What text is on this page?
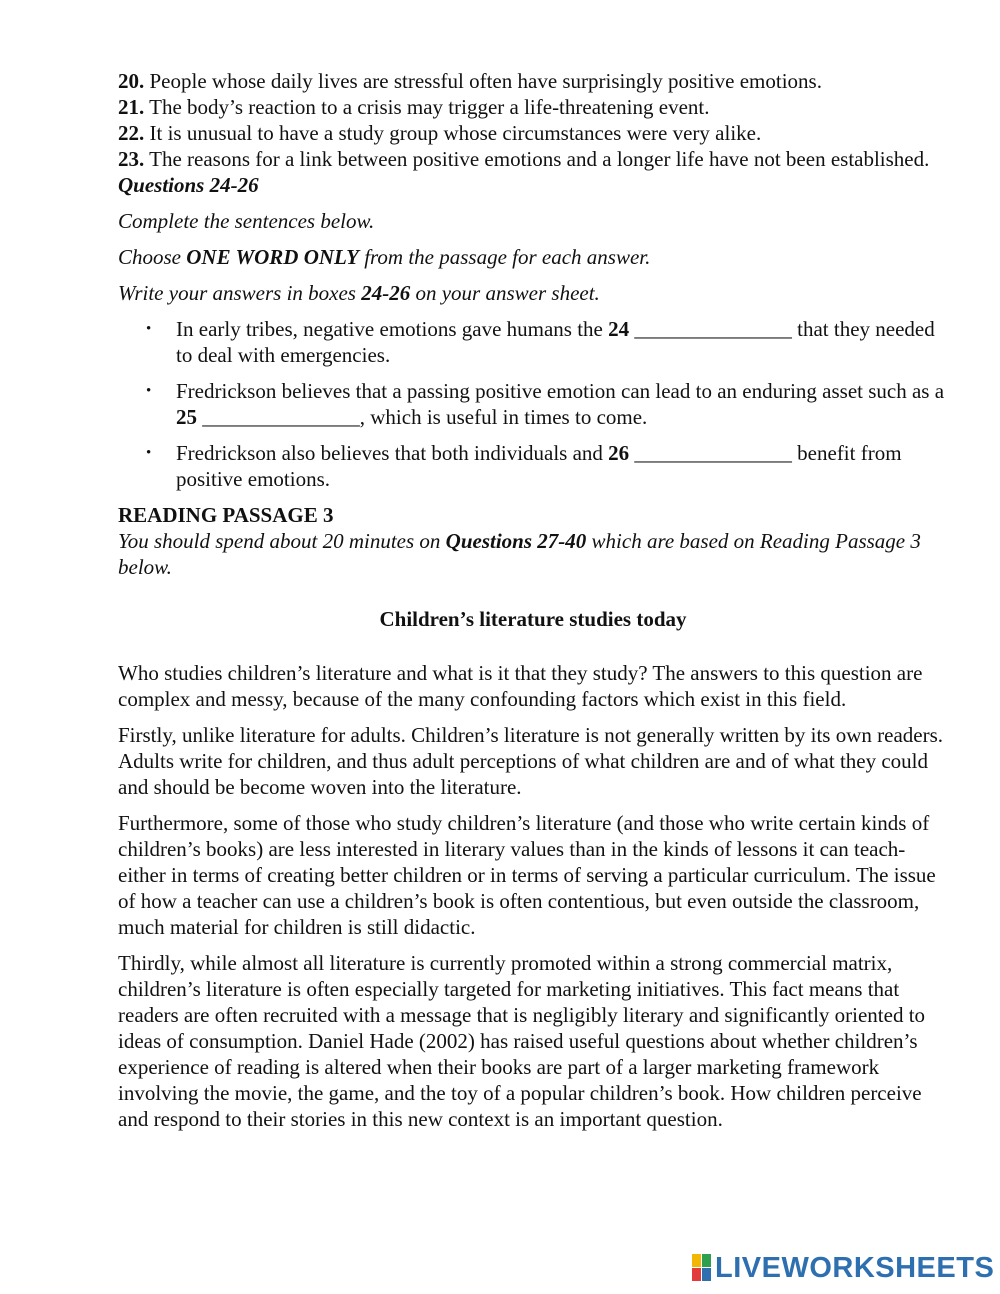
20. People whose daily lives are stressful often have surprisingly positive emotions.

21. The body’s reaction to a crisis may trigger a life-threatening event.

22. It is unusual to have a study group whose circumstances were very alike.

23. The reasons for a link between positive emotions and a longer life have not been established.

Questions 24-26

Complete the sentences below.

Choose ONE WORD ONLY from the passage for each answer.

Write your answers in boxes 24-26 on your answer sheet.

• In early tribes, negative emotions gave humans the 24 _______________ that they needed to deal with emergencies.
• Fredrickson believes that a passing positive emotion can lead to an enduring asset such as a 25 _______________, which is useful in times to come.
• Fredrickson also believes that both individuals and 26 _______________ benefit from positive emotions.

READING PASSAGE 3

You should spend about 20 minutes on Questions 27-40 which are based on Reading Passage 3 below.

Children’s literature studies today

Who studies children’s literature and what is it that they study? The answers to this question are complex and messy, because of the many confounding factors which exist in this field.

Firstly, unlike literature for adults. Children’s literature is not generally written by its own readers. Adults write for children, and thus adult perceptions of what children are and of what they could and should be become woven into the literature.

Furthermore, some of those who study children’s literature (and those who write certain kinds of children’s books) are less interested in literary values than in the kinds of lessons it can teach- either in terms of creating better children or in terms of serving a particular curriculum. The issue of how a teacher can use a children’s book is often contentious, but even outside the classroom, much material for children is still didactic.

Thirdly, while almost all literature is currently promoted within a strong commercial matrix, children’s literature is often especially targeted for marketing initiatives. This fact means that readers are often recruited with a message that is negligibly literary and significantly oriented to ideas of consumption. Daniel Hade (2002) has raised useful questions about whether children’s experience of reading is altered when their books are part of a larger marketing framework involving the movie, the game, and the toy of a popular children’s book. How children perceive and respond to their stories in this new context is an important question.

LIVEWORKSHEETS
